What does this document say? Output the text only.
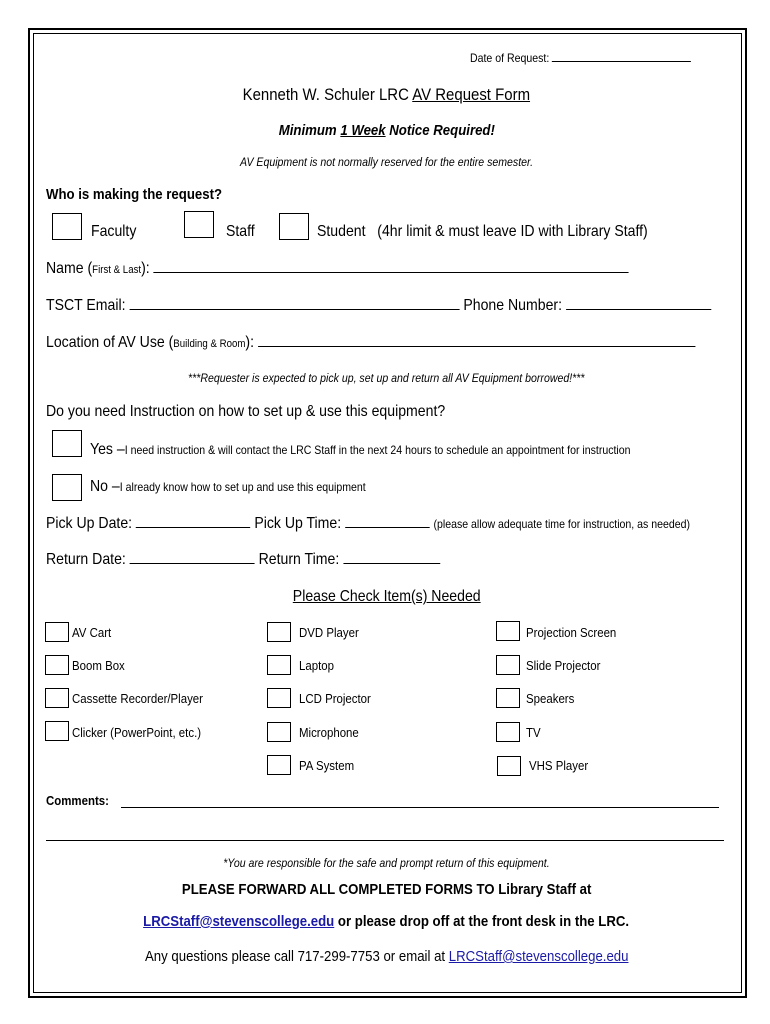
Date of Request:
Kenneth W. Schuler LRC AV Request Form
Minimum 1 Week Notice Required!
AV Equipment is not normally reserved for the entire semester.
Who is making the request?
Faculty	Staff	Student (4hr limit & must leave ID with Library Staff)
Name (First & Last):
TSCT Email:	Phone Number:
Location of AV Use (Building & Room):
***Requester is expected to pick up, set up and return all AV Equipment borrowed!***
Do you need Instruction on how to set up & use this equipment?
Yes –I need instruction & will contact the LRC Staff in the next 24 hours to schedule an appointment for instruction
No –I already know how to set up and use this equipment
Pick Up Date:	Pick Up Time:	(please allow adequate time for instruction, as needed)
Return Date:	Return Time:
Please Check Item(s) Needed
AV Cart
Boom Box
Cassette Recorder/Player
Clicker (PowerPoint, etc.)
DVD Player
Laptop
LCD Projector
Microphone
PA System
Projection Screen
Slide Projector
Speakers
TV
VHS Player
Comments:
*You are responsible for the safe and prompt return of this equipment.
PLEASE FORWARD ALL COMPLETED FORMS TO Library Staff at
LRCStaff@stevenscollege.edu or please drop off at the front desk in the LRC.
Any questions please call 717-299-7753 or email at LRCStaff@stevenscollege.edu
